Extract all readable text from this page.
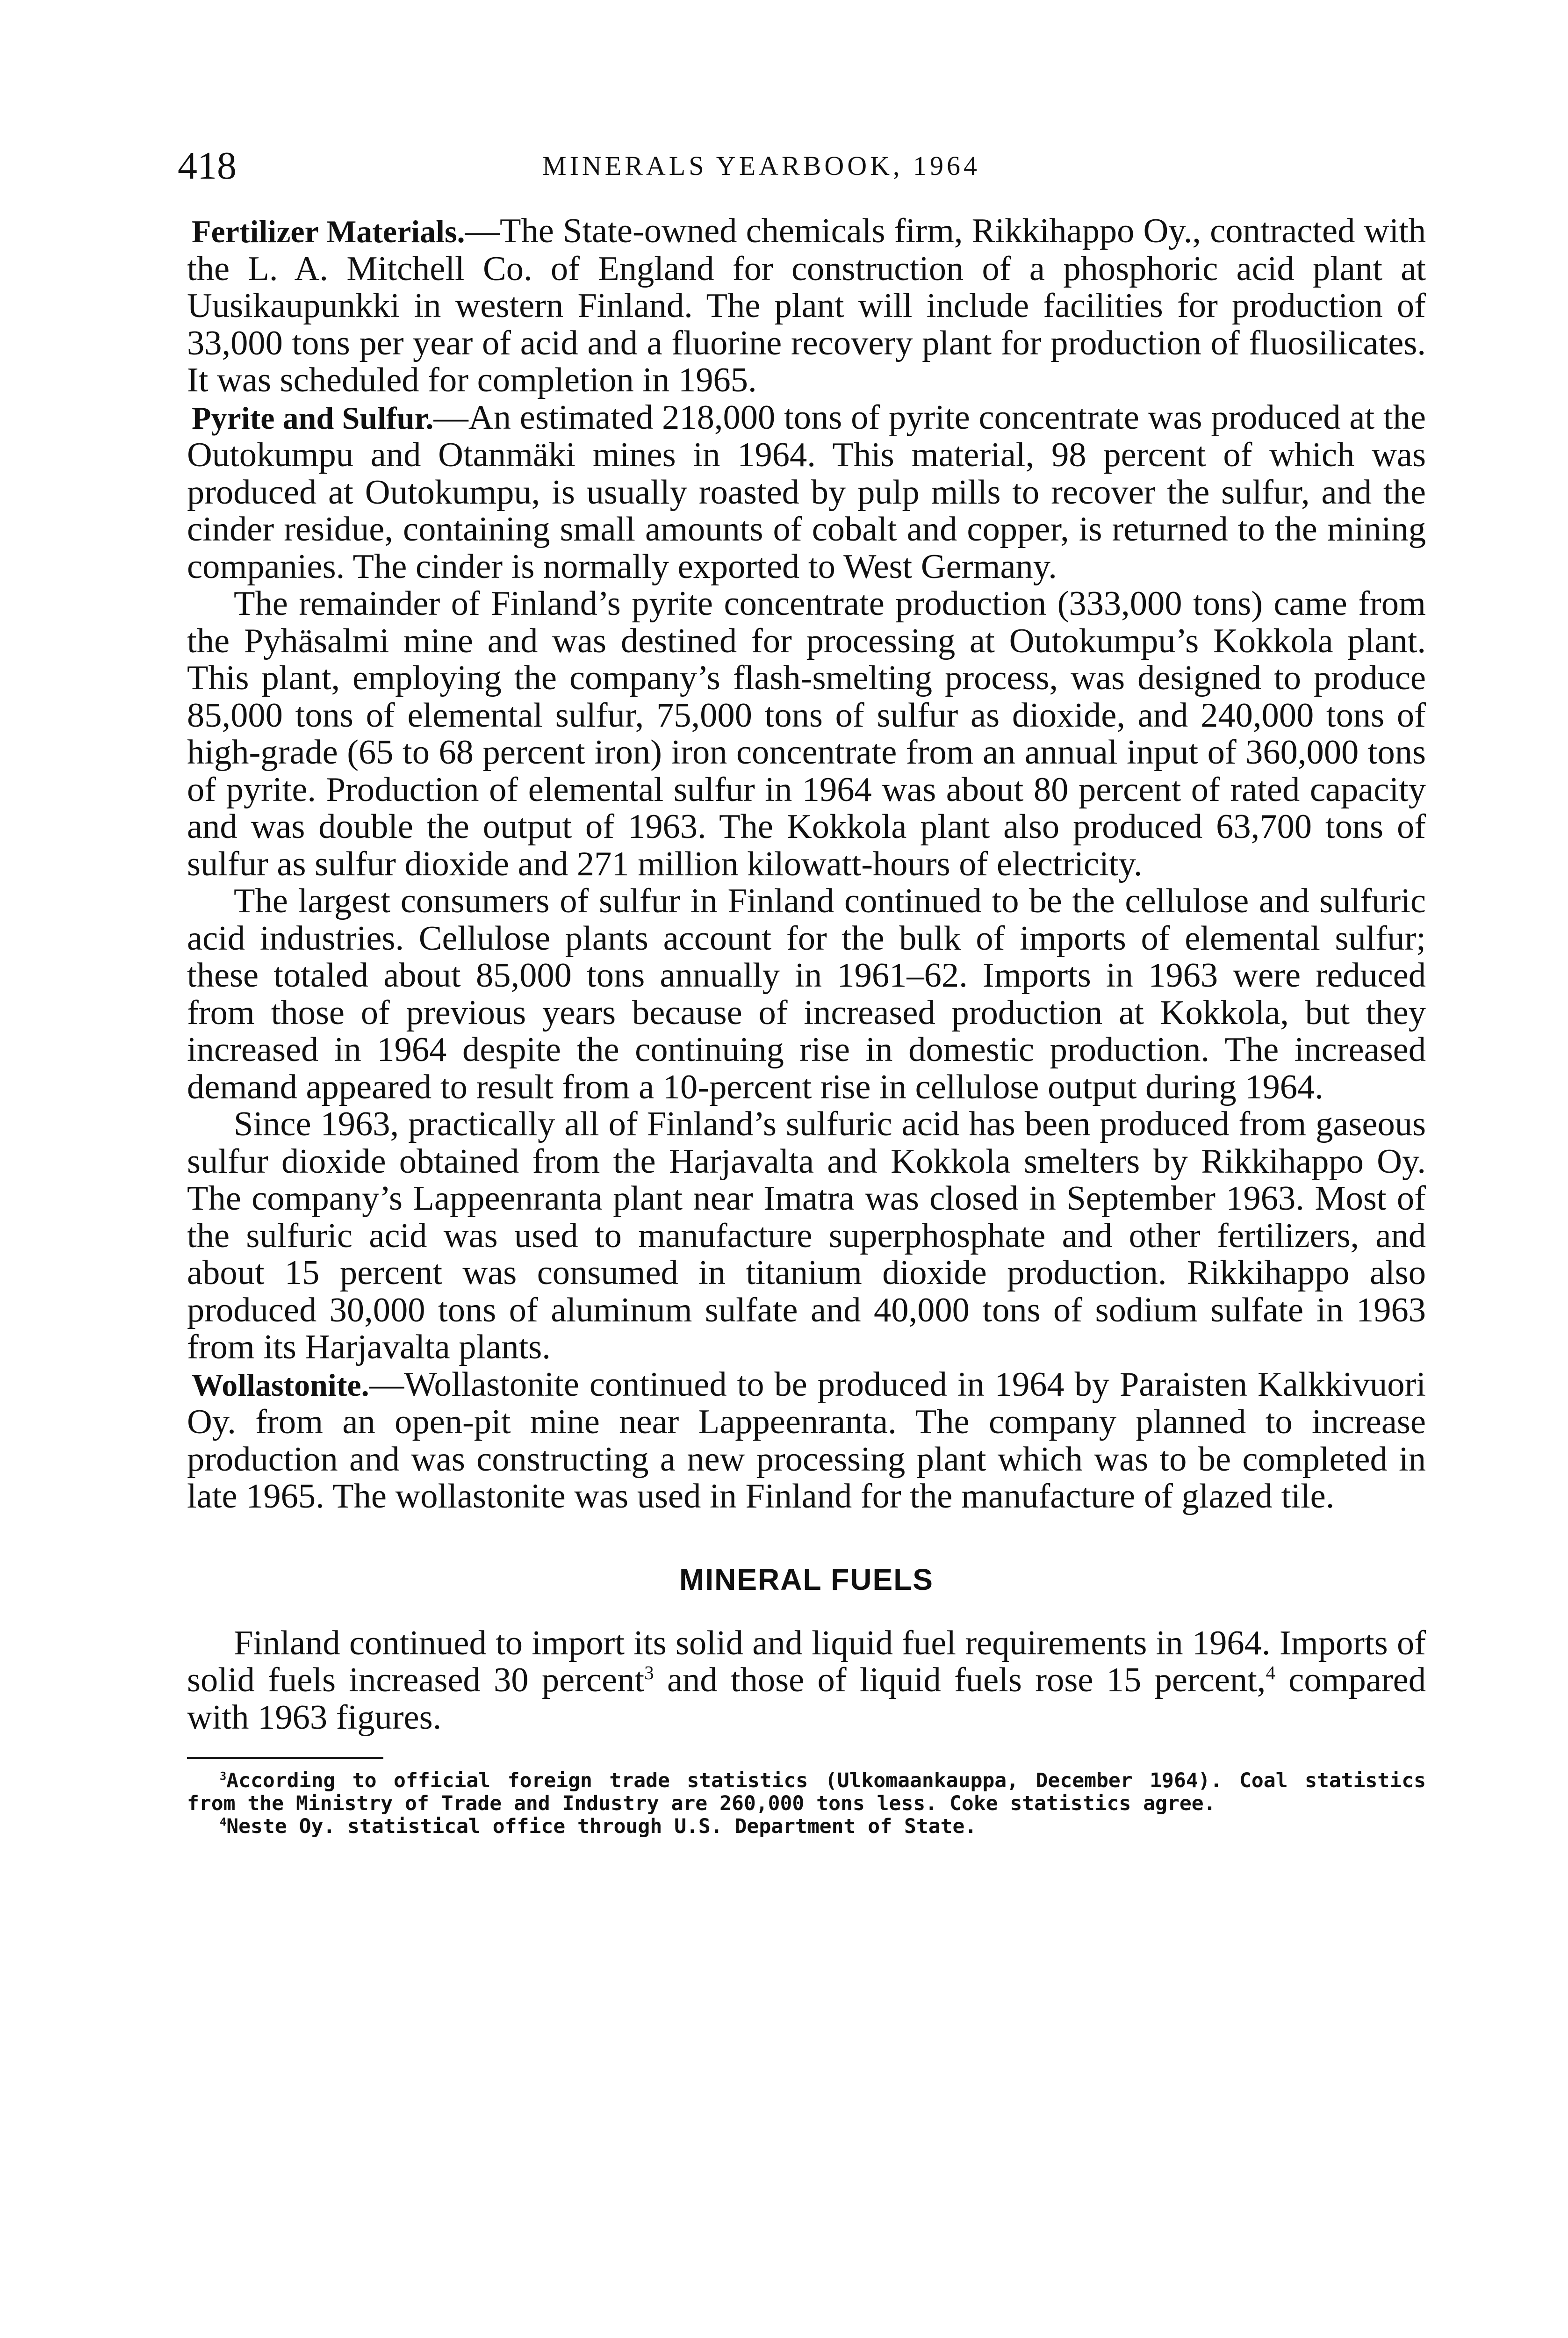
418	MINERALS YEARBOOK, 1964

Fertilizer Materials.—The State-owned chemicals firm, Rikkihappo Oy., contracted with the L. A. Mitchell Co. of England for construction of a phosphoric acid plant at Uusikaupunkki in western Finland. The plant will include facilities for production of 33,000 tons per year of acid and a fluorine recovery plant for production of fluosilicates. It was scheduled for completion in 1965.

Pyrite and Sulfur.—An estimated 218,000 tons of pyrite concentrate was produced at the Outokumpu and Otanmäki mines in 1964. This material, 98 percent of which was produced at Outokumpu, is usually roasted by pulp mills to recover the sulfur, and the cinder residue, containing small amounts of cobalt and copper, is returned to the mining companies. The cinder is normally exported to West Germany.

The remainder of Finland’s pyrite concentrate production (333,000 tons) came from the Pyhäsalmi mine and was destined for processing at Outokumpu’s Kokkola plant. This plant, employing the company’s flash-smelting process, was designed to produce 85,000 tons of elemental sulfur, 75,000 tons of sulfur as dioxide, and 240,000 tons of high-grade (65 to 68 percent iron) iron concentrate from an annual input of 360,000 tons of pyrite. Production of elemental sulfur in 1964 was about 80 percent of rated capacity and was double the output of 1963. The Kokkola plant also produced 63,700 tons of sulfur as sulfur dioxide and 271 million kilowatt-hours of electricity.

The largest consumers of sulfur in Finland continued to be the cellulose and sulfuric acid industries. Cellulose plants account for the bulk of imports of elemental sulfur; these totaled about 85,000 tons annually in 1961–62. Imports in 1963 were reduced from those of previous years because of increased production at Kokkola, but they increased in 1964 despite the continuing rise in domestic production. The increased demand appeared to result from a 10-percent rise in cellulose output during 1964.

Since 1963, practically all of Finland’s sulfuric acid has been produced from gaseous sulfur dioxide obtained from the Harjavalta and Kokkola smelters by Rikkihappo Oy. The company’s Lappeenranta plant near Imatra was closed in September 1963. Most of the sulfuric acid was used to manufacture superphosphate and other fertilizers, and about 15 percent was consumed in titanium dioxide production. Rikkihappo also produced 30,000 tons of aluminum sulfate and 40,000 tons of sodium sulfate in 1963 from its Harjavalta plants.

Wollastonite.—Wollastonite continued to be produced in 1964 by Paraisten Kalkkivuori Oy. from an open-pit mine near Lappeenranta. The company planned to increase production and was constructing a new processing plant which was to be completed in late 1965. The wollastonite was used in Finland for the manufacture of glazed tile.

MINERAL FUELS

Finland continued to import its solid and liquid fuel requirements in 1964. Imports of solid fuels increased 30 percent$^3$ and those of liquid fuels rose 15 percent,$^4$ compared with 1963 figures.

$^3$According to official foreign trade statistics (Ulkomaankauppa, December 1964). Coal statistics from the Ministry of Trade and Industry are 260,000 tons less. Coke statistics agree.

$^4$Neste Oy. statistical office through U.S. Department of State.
